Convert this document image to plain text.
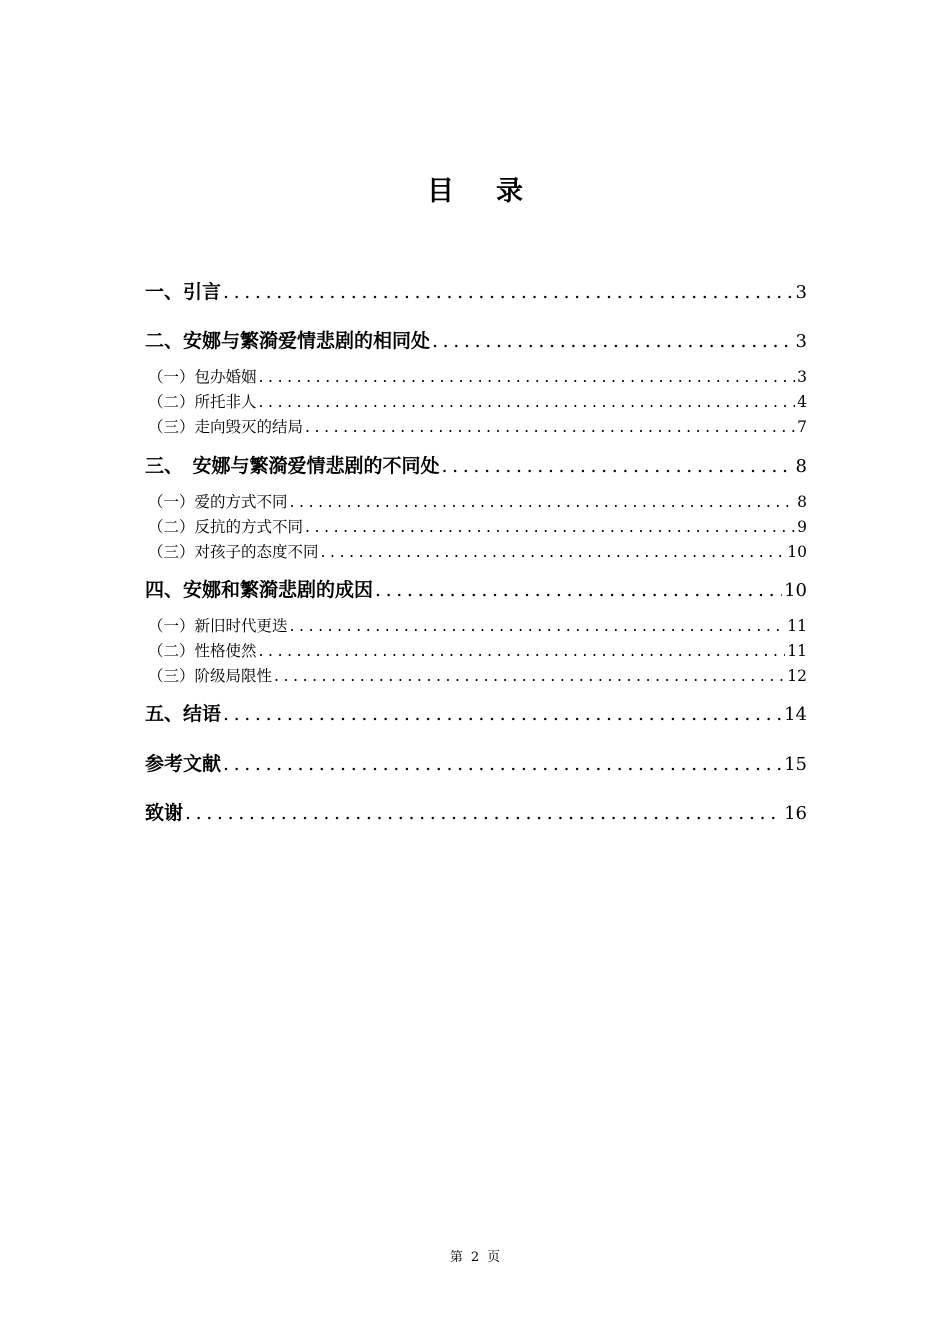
目录
一、引言 .....	3
二、安娜与繁漪爱情悲剧的相同处 .....	3
（一）包办婚姻 .....	3
（二）所托非人 .....	4
（三）走向毁灭的结局 .....	7
三、　安娜与繁漪爱情悲剧的不同处 .....	8
（一）爱的方式不同 .....	8
（二）反抗的方式不同 .....	9
（三）对孩子的态度不同 .....	10
四、安娜和繁漪悲剧的成因 .....	10
（一）新旧时代更迭 .....	11
（二）性格使然 .....	11
（三）阶级局限性 .....	12
五、结语 .....	14
参考文献 .....	15
致谢 .....	16
第 2 页
